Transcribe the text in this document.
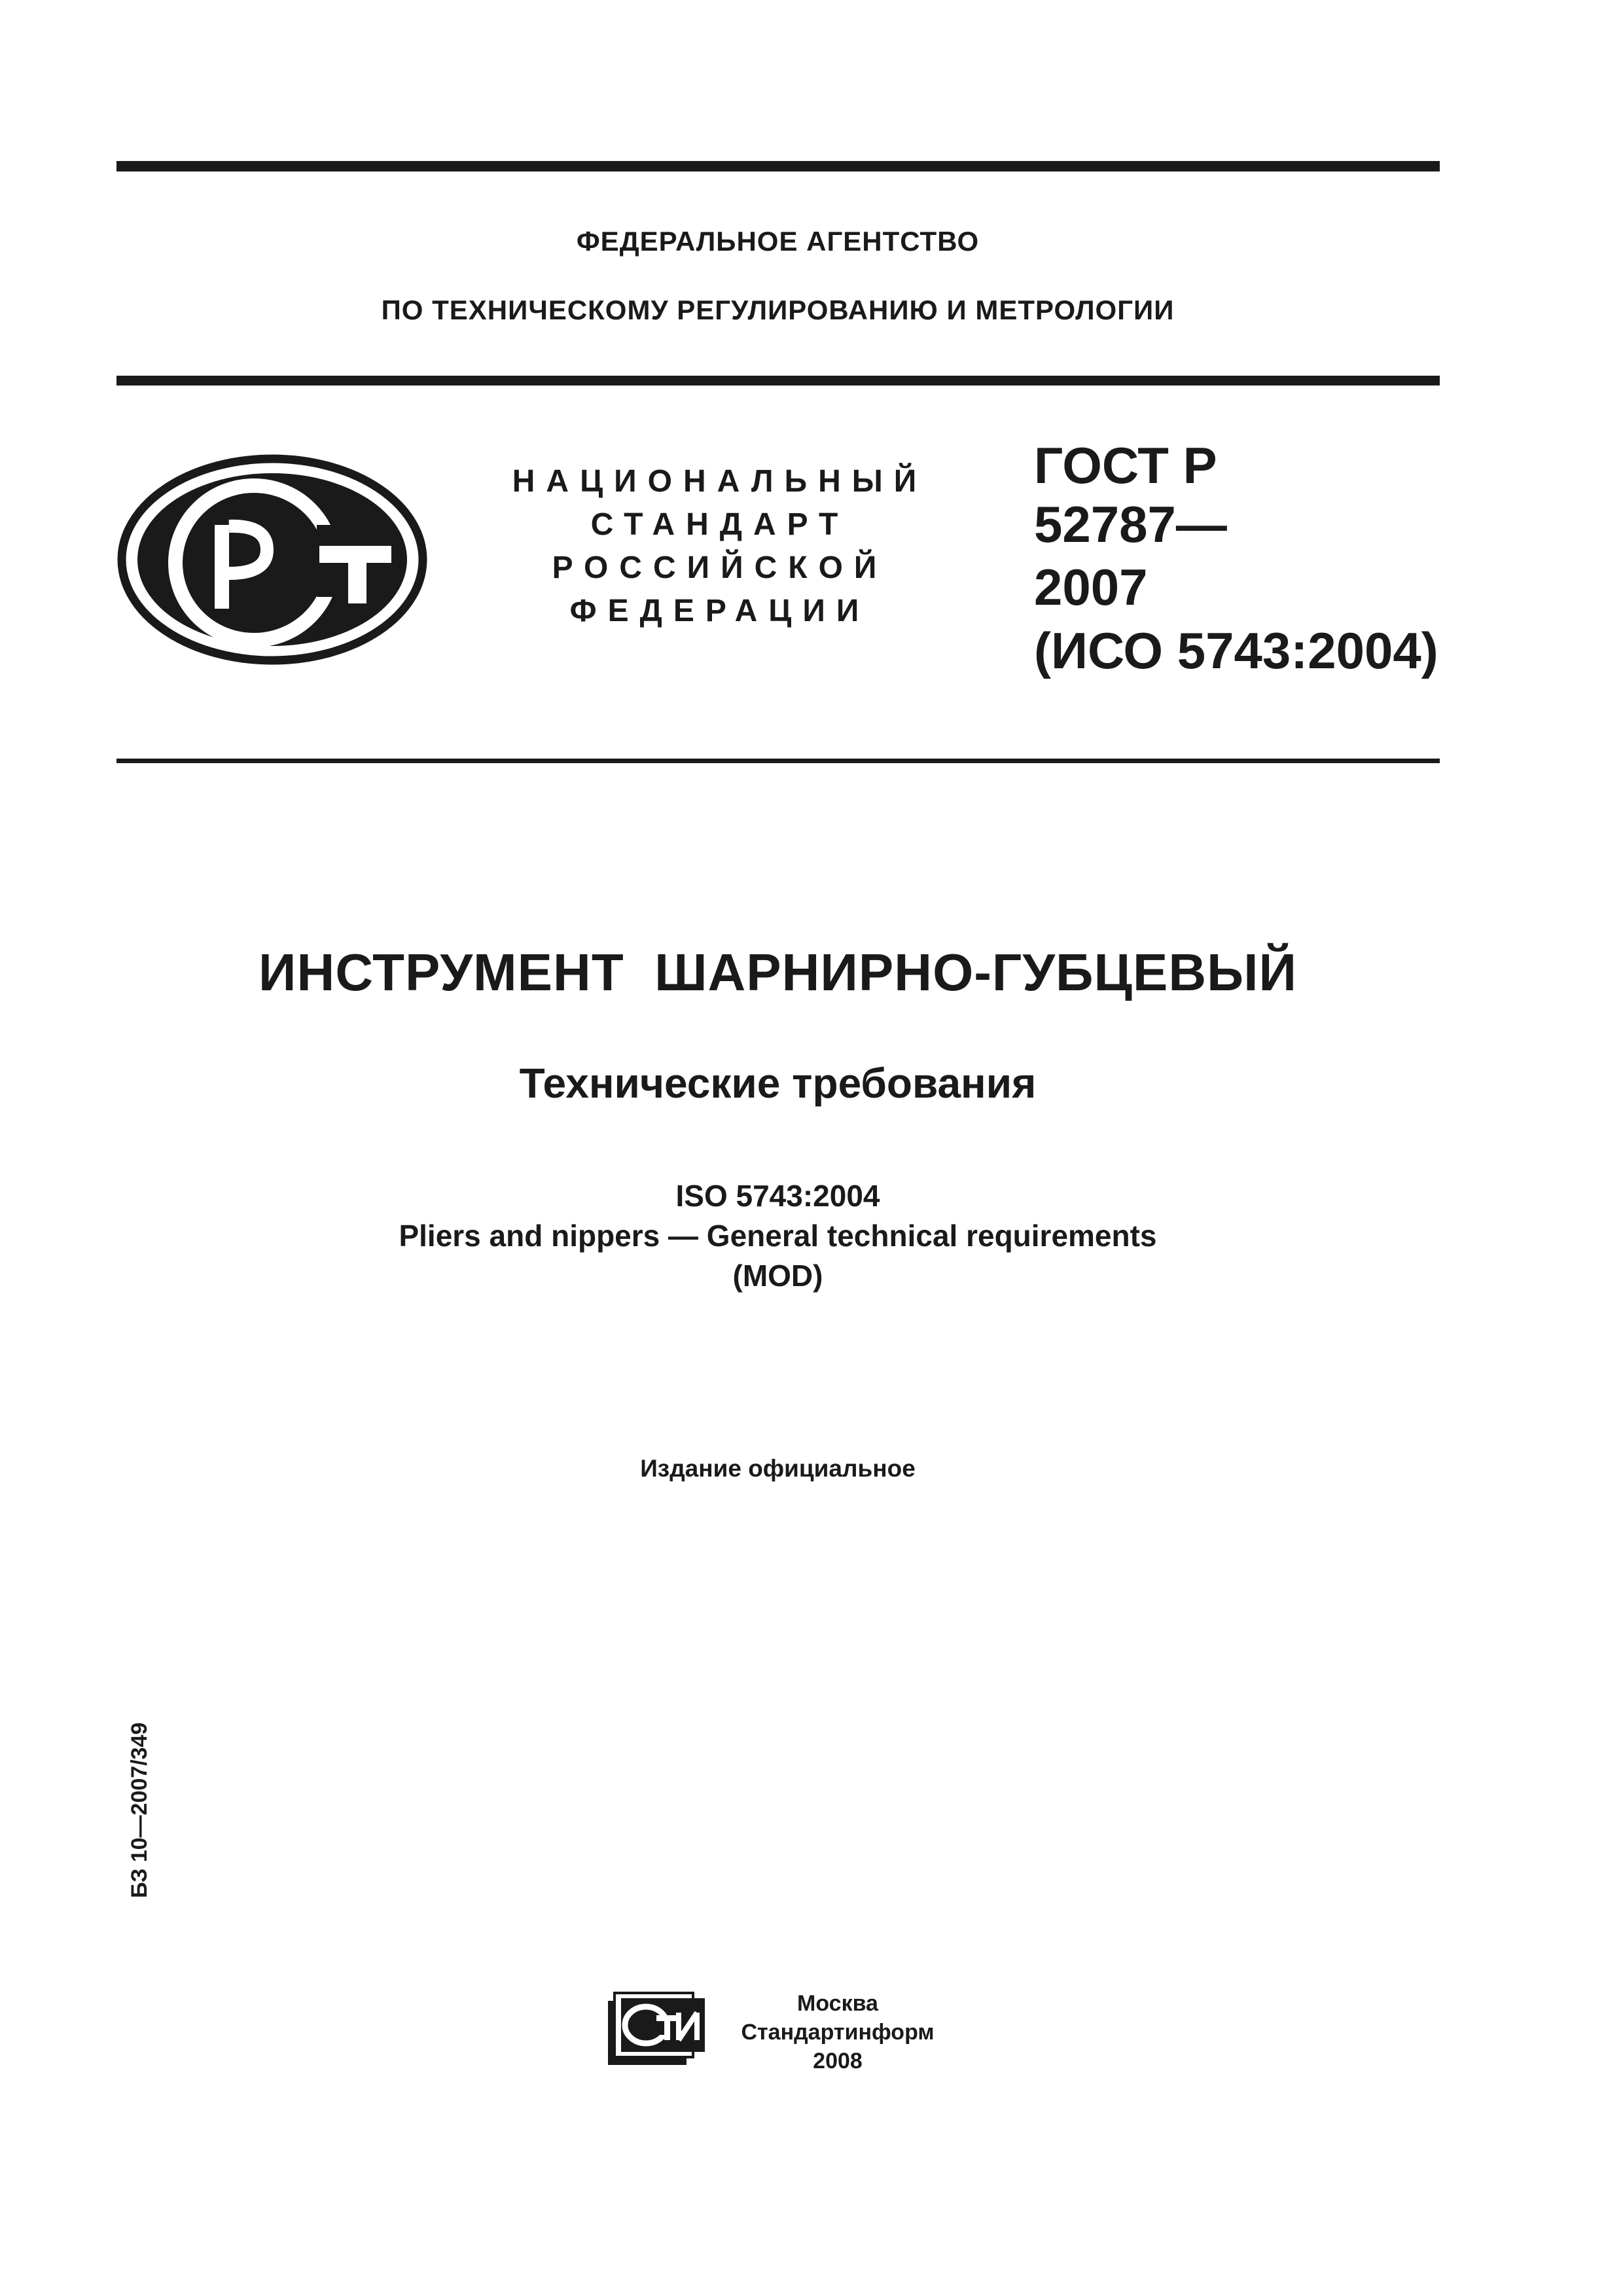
ФЕДЕРАЛЬНОЕ АГЕНТСТВО
ПО ТЕХНИЧЕСКОМУ РЕГУЛИРОВАНИЮ И МЕТРОЛОГИИ
НАЦИОНАЛЬНЫЙ
СТАНДАРТ
РОССИЙСКОЙ
ФЕДЕРАЦИИ
ГОСТ Р
52787—
2007
(ИСО 5743:2004)
ИНСТРУМЕНТ  ШАРНИРНО-ГУБЦЕВЫЙ
Технические требования
ISO 5743:2004
Pliers and nippers — General technical requirements
(MOD)
Издание официальное
БЗ 10—2007/349
Москва
Стандартинформ
2008
